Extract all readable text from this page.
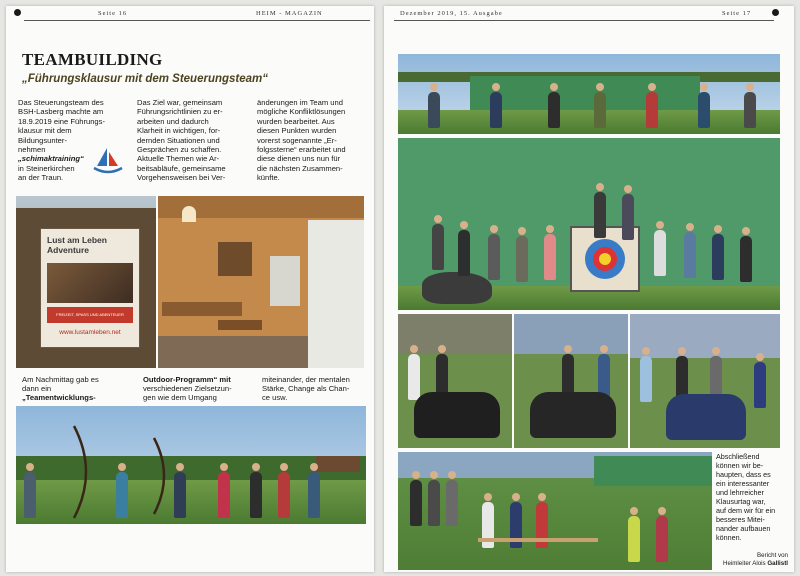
Seite 16	HEIM - MAGAZIN
TEAMBUILDING
„Führungsklausur mit dem Steuerungsteam“
Das Steuerungsteam des
BSH-Lasberg machte am
18.9.2019 eine Führungs-
klausur mit dem
Bildungsunter-
nehmen
„schimaktraining“
in Steinerkirchen
an der Traun.
Das Ziel war, gemeinsam
Führungsrichtlinien zu er-
arbeiten und dadurch
Klarheit in wichtigen, for-
dernden Situationen und
Gesprächen zu schaffen.
Aktuelle Themen wie Ar-
beitsabläufe, gemeinsame
Vorgehensweisen bei Ver-
änderungen im Team und
mögliche Konfliktlösungen
wurden bearbeitet. Aus
diesen Punkten wurden
vorerst sogenannte „Er-
folgssterne“ erarbeitet und
diese dienen uns nun für
die nächsten Zusammen-
künfte.
Lust am Leben Adventure
FREIZEIT, SPASS UND ABENTEUER
www.lustamleben.net
Am Nachmittag gab es
dann ein
„Teamentwicklungs-
Outdoor-Programm“ mit
verschiedenen Zielsetzun-
gen wie dem Umgang
miteinander, der mentalen
Stärke, Change als Chan-
ce usw.
Dezember 2019, 15. Ausgabe	Seite 17
Abschließend
können wir be-
haupten, dass es
ein interessanter
und lehrreicher
Klausurtag war,
auf dem wir für ein
besseres Mitei-
nander aufbauen
können.
Bericht von
Heimleiter Alois Gallistl
